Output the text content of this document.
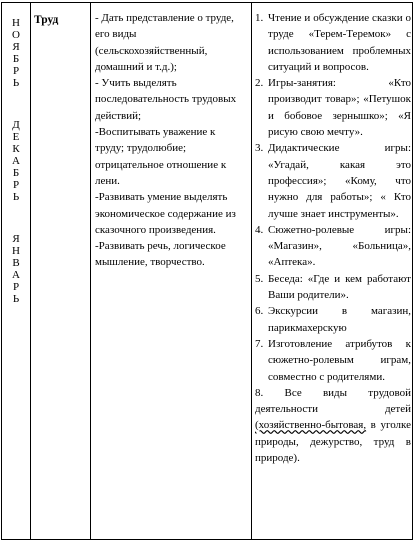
Н
О
Я
Б
Р
Ь
Д
Е
К
А
Б
Р
Ь
Я
Н
В
А
Р
Ь
Труд	- Дать представление о труде, его виды (сельскохозяйственный, домашний и т.д.);

- Учить выделять последовательность трудовых действий;

-Воспитывать уважение к труду; трудолюбие; отрицательное отношение к лени.

-Развивать умение выделять экономическое содержание из сказочного произведения.

-Развивать речь, логическое мышление, творчество.

1. Чтение и обсуждение сказки о труде «Терем-Теремок» с использованием проблемных ситуаций и вопросов.
2. Игры-занятия: «Кто производит товар»; «Петушок и бобовое зернышко»; «Я рисую свою мечту».
3. Дидактические игры: «Угадай, какая это профессия»; «Кому, что нужно для работы»; « Кто лучше знает инструменты».
4. Сюжетно-ролевые игры: «Магазин», «Больница», «Аптека».
5. Беседа: «Где и кем работают Ваши родители».
6. Экскурсии в магазин, парикмахерскую
7. Изготовление атрибутов к сюжетно-ролевым играм, совместно с родителями.
8. Все виды трудовой деятельности детей (хозяйственно-бытовая, в уголке природы, дежурство, труд в природе).
